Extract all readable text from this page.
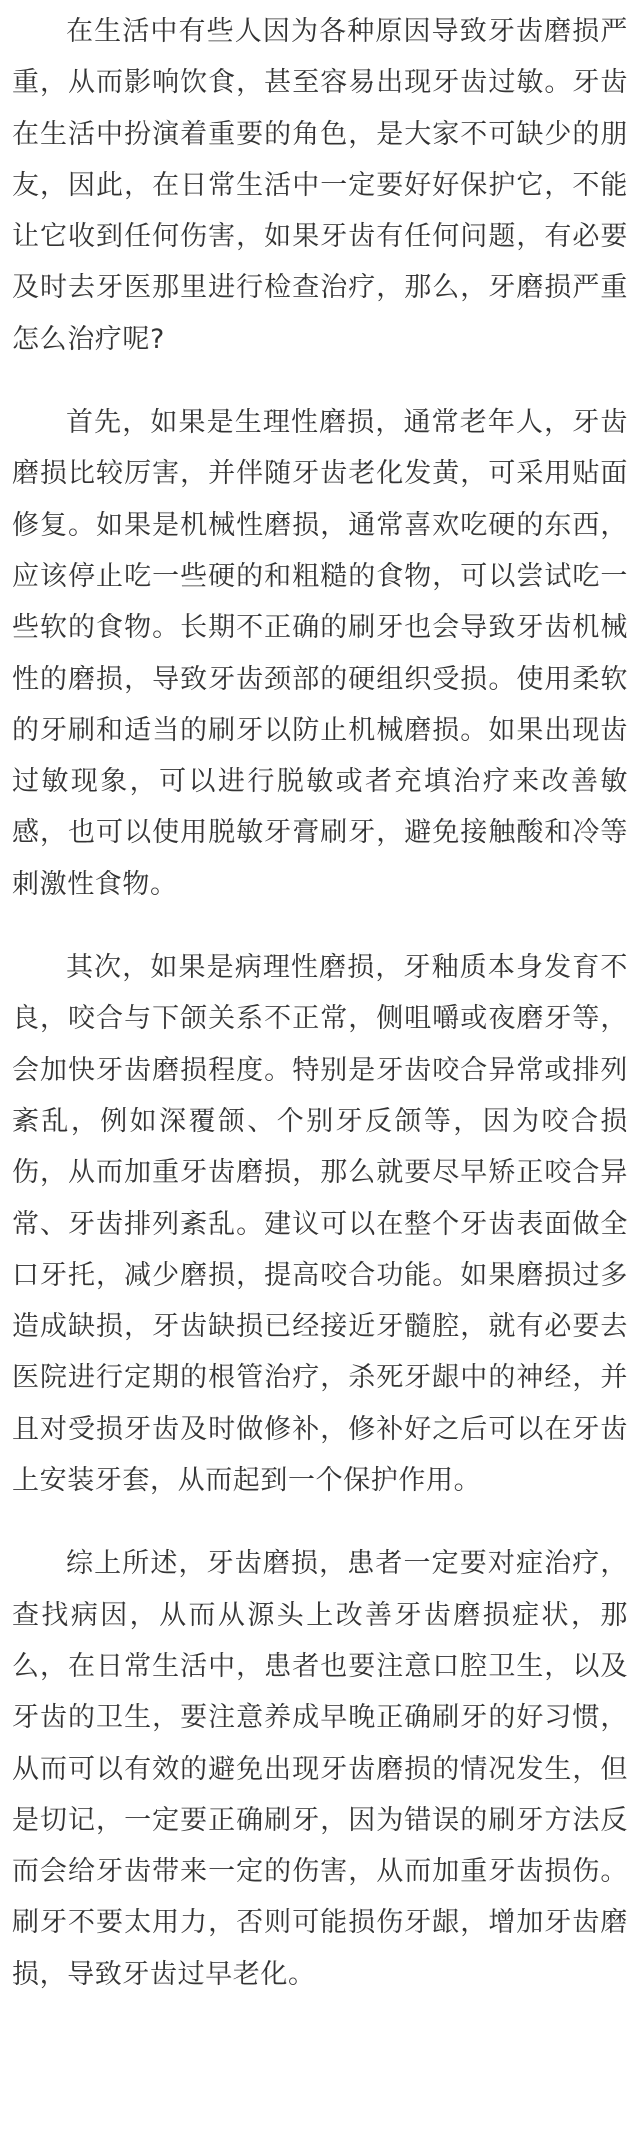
在生活中有些人因为各种原因导致牙齿磨损严重，从而影响饮食，甚至容易出现牙齿过敏。牙齿在生活中扮演着重要的角色，是大家不可缺少的朋友，因此，在日常生活中一定要好好保护它，不能让它收到任何伤害，如果牙齿有任何问题，有必要及时去牙医那里进行检查治疗，那么，牙磨损严重怎么治疗呢?

首先，如果是生理性磨损，通常老年人，牙齿磨损比较厉害，并伴随牙齿老化发黄，可采用贴面修复。如果是机械性磨损，通常喜欢吃硬的东西，应该停止吃一些硬的和粗糙的食物，可以尝试吃一些软的食物。长期不正确的刷牙也会导致牙齿机械性的磨损，导致牙齿颈部的硬组织受损。使用柔软的牙刷和适当的刷牙以防止机械磨损。如果出现齿过敏现象，可以进行脱敏或者充填治疗来改善敏感，也可以使用脱敏牙膏刷牙，避免接触酸和冷等刺激性食物。

其次，如果是病理性磨损，牙釉质本身发育不良，咬合与下颌关系不正常，侧咀嚼或夜磨牙等，会加快牙齿磨损程度。特别是牙齿咬合异常或排列紊乱，例如深覆颌、个别牙反颌等，因为咬合损伤，从而加重牙齿磨损，那么就要尽早矫正咬合异常、牙齿排列紊乱。建议可以在整个牙齿表面做全口牙托，减少磨损，提高咬合功能。如果磨损过多造成缺损，牙齿缺损已经接近牙髓腔，就有必要去医院进行定期的根管治疗，杀死牙龈中的神经，并且对受损牙齿及时做修补，修补好之后可以在牙齿上安装牙套，从而起到一个保护作用。

综上所述，牙齿磨损，患者一定要对症治疗，查找病因，从而从源头上改善牙齿磨损症状，那么，在日常生活中，患者也要注意口腔卫生，以及牙齿的卫生，要注意养成早晚正确刷牙的好习惯，从而可以有效的避免出现牙齿磨损的情况发生，但是切记，一定要正确刷牙，因为错误的刷牙方法反而会给牙齿带来一定的伤害，从而加重牙齿损伤。刷牙不要太用力，否则可能损伤牙龈，增加牙齿磨损，导致牙齿过早老化。
